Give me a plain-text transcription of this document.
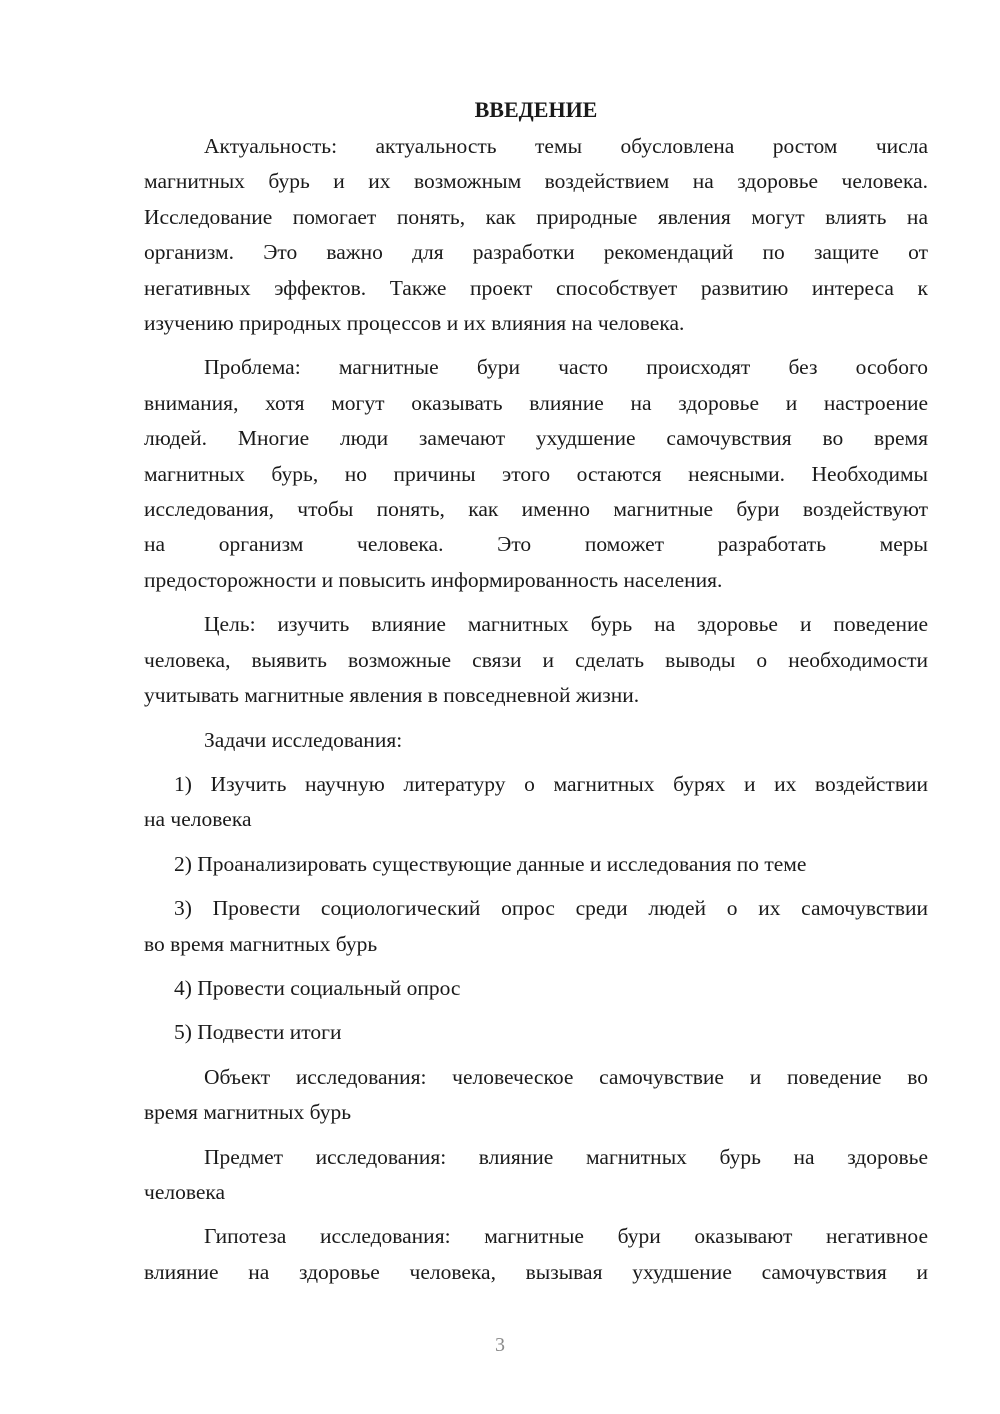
ВВЕДЕНИЕ
Актуальность: актуальность темы обусловлена ростом числа
магнитных бурь и их возможным воздействием на здоровье человека.
Исследование помогает понять, как природные явления могут влиять на
организм. Это важно для разработки рекомендаций по защите от
негативных эффектов. Также проект способствует развитию интереса к
изучению природных процессов и их влияния на человека.
Проблема: магнитные бури часто происходят без особого
внимания, хотя могут оказывать влияние на здоровье и настроение
людей. Многие люди замечают ухудшение самочувствия во время
магнитных бурь, но причины этого остаются неясными. Необходимы
исследования, чтобы понять, как именно магнитные бури воздействуют
на организм человека. Это поможет разработать меры
предосторожности и повысить информированность населения.
Цель: изучить влияние магнитных бурь на здоровье и поведение
человека, выявить возможные связи и сделать выводы о необходимости
учитывать магнитные явления в повседневной жизни.
Задачи исследования:
1) Изучить научную литературу о магнитных бурях и их воздействии
на человека
2) Проанализировать существующие данные и исследования по теме
3) Провести социологический опрос среди людей о их самочувствии
во время магнитных бурь
4) Провести социальный опрос
5) Подвести итоги
Объект исследования: человеческое самочувствие и поведение во
время магнитных бурь
Предмет исследования: влияние магнитных бурь на здоровье
человека
Гипотеза исследования: магнитные бури оказывают негативное
влияние на здоровье человека, вызывая ухудшение самочувствия и
3
